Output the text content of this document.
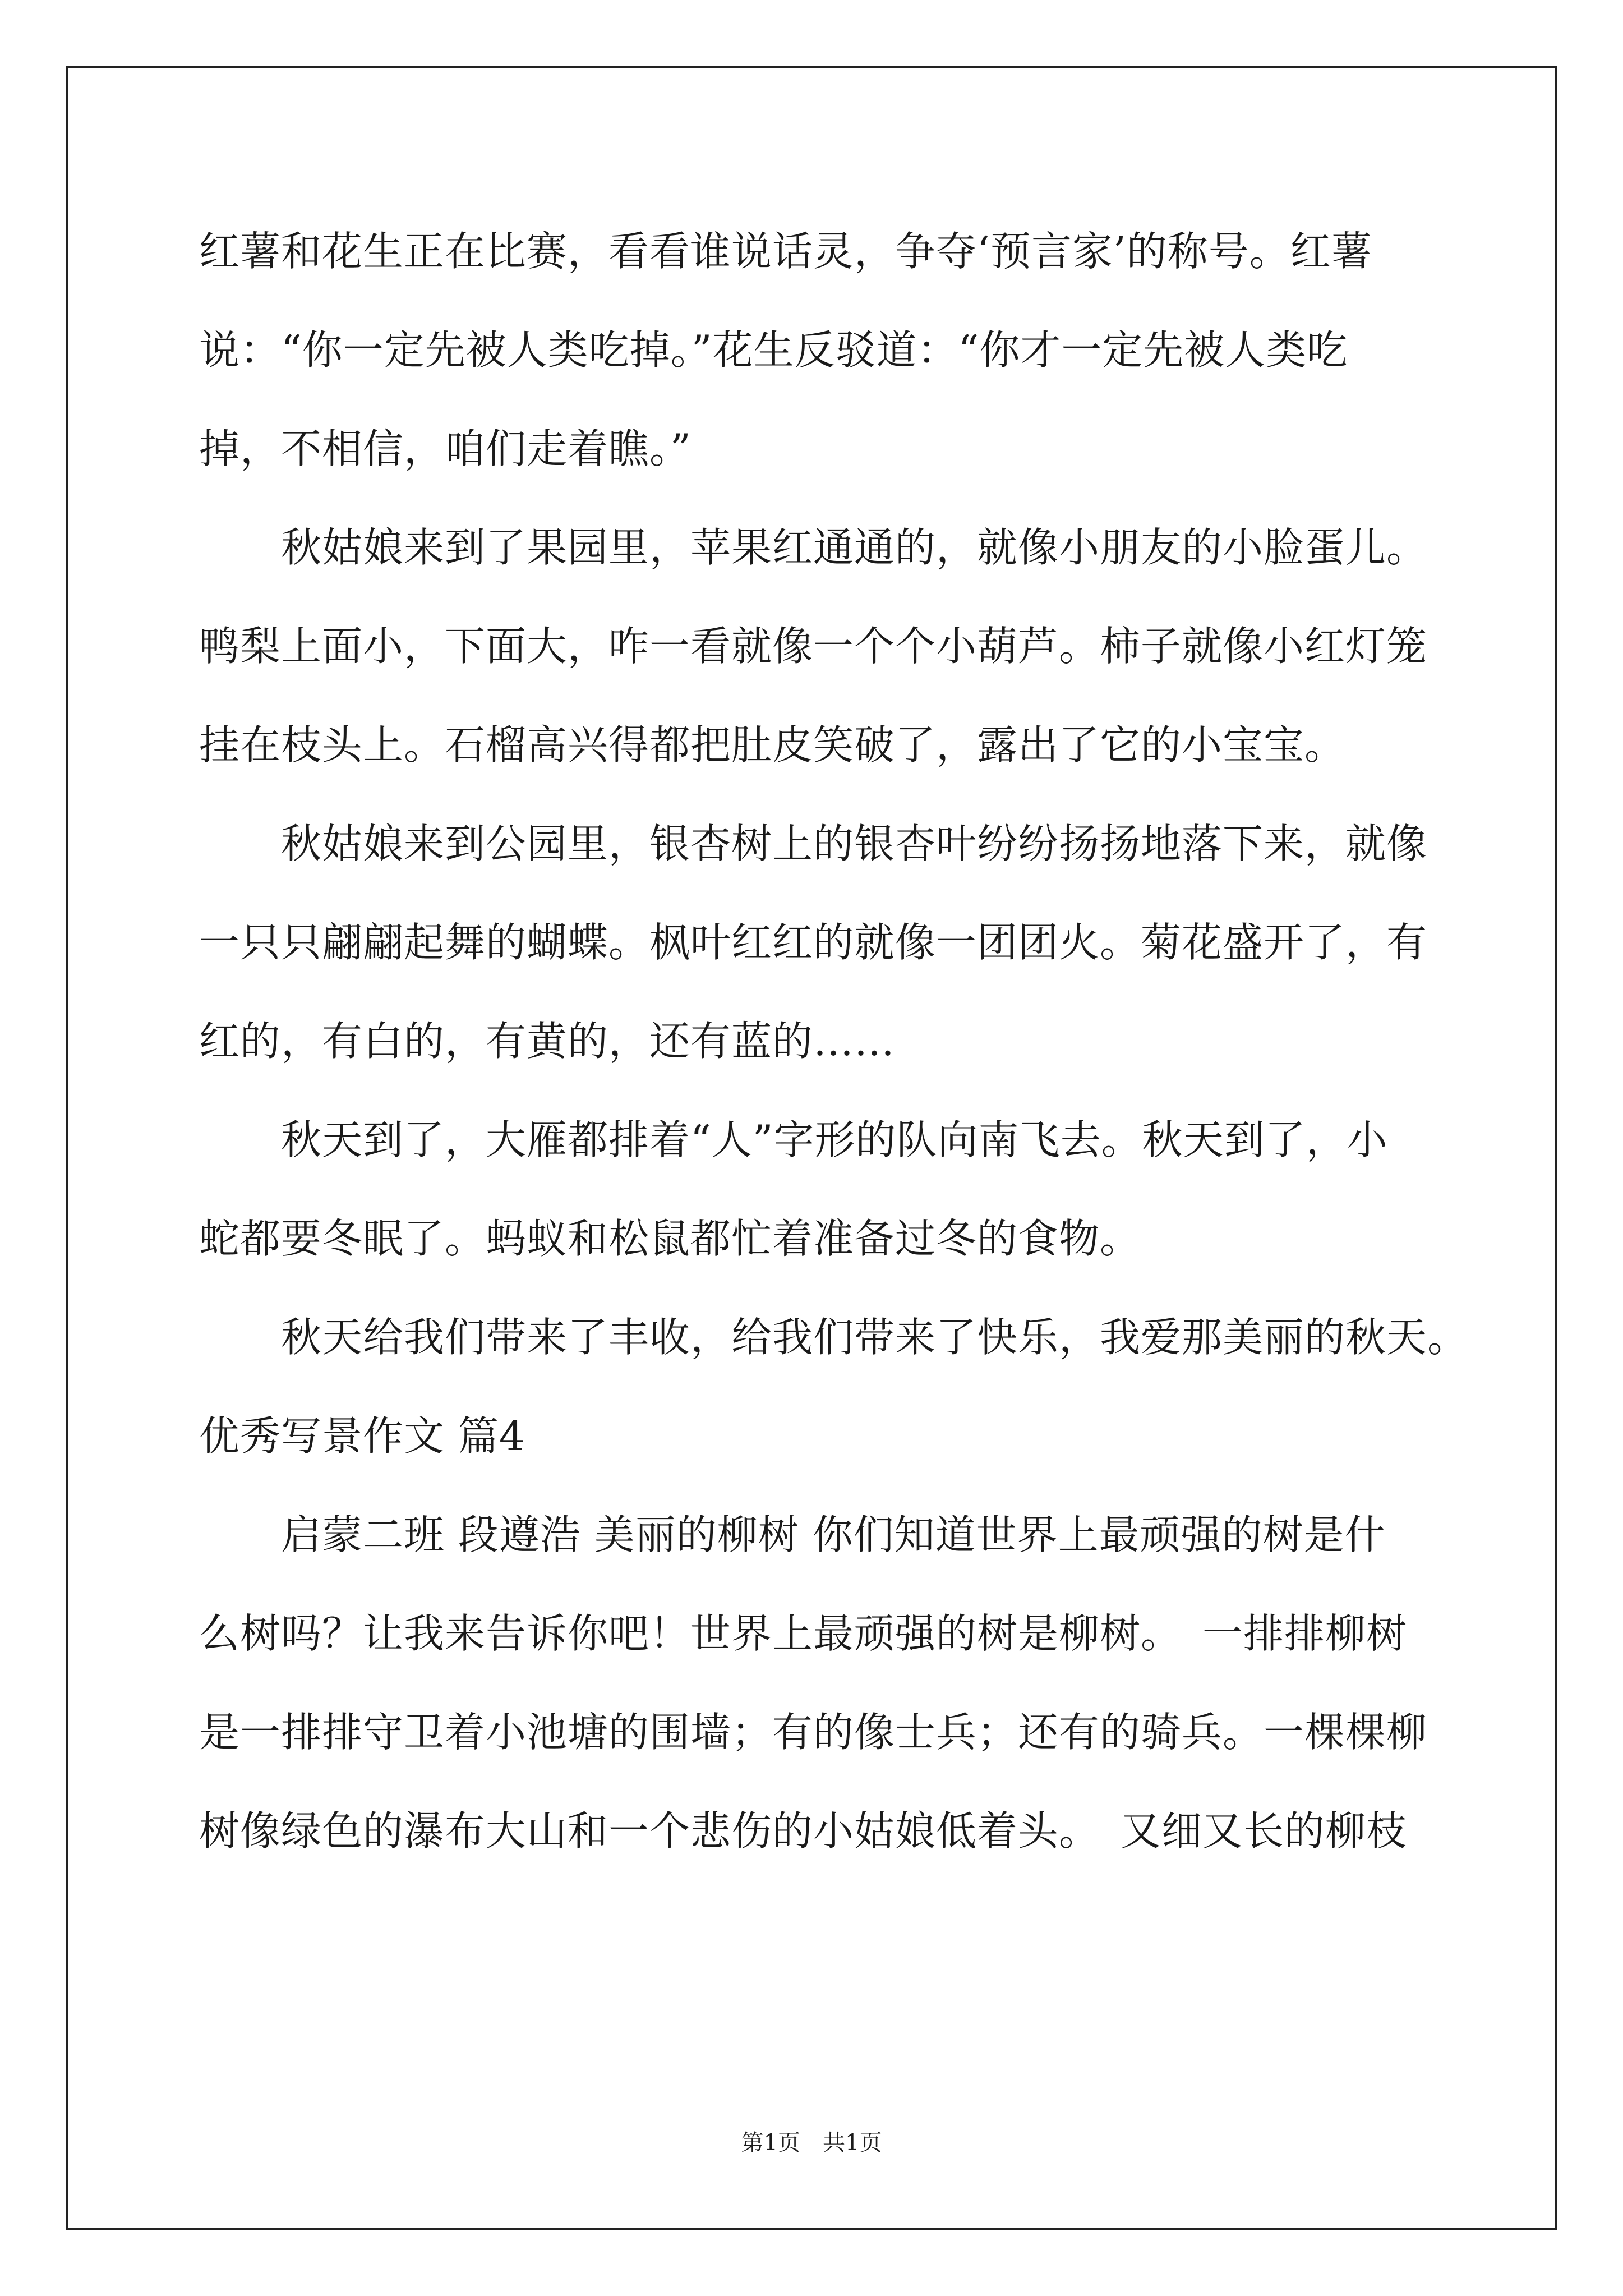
红薯和花生正在比赛，看看谁说话灵，争夺‘预言家’的称号。红薯
说：“你一定先被人类吃掉。”花生反驳道：“你才一定先被人类吃
掉，不相信，咱们走着瞧。”
　　秋姑娘来到了果园里，苹果红通通的，就像小朋友的小脸蛋儿。
鸭梨上面小，下面大，咋一看就像一个个小葫芦。柿子就像小红灯笼
挂在枝头上。石榴高兴得都把肚皮笑破了，露出了它的小宝宝。
　　秋姑娘来到公园里，银杏树上的银杏叶纷纷扬扬地落下来，就像
一只只翩翩起舞的蝴蝶。枫叶红红的就像一团团火。菊花盛开了，有
红的，有白的，有黄的，还有蓝的……
　　秋天到了，大雁都排着“人”字形的队向南飞去。秋天到了，小
蛇都要冬眠了。蚂蚁和松鼠都忙着准备过冬的食物。
　　秋天给我们带来了丰收，给我们带来了快乐，我爱那美丽的秋天。
优秀写景作文 篇4
　　启蒙二班 段遵浩 美丽的柳树 你们知道世界上最顽强的树是什
么树吗？让我来告诉你吧！世界上最顽强的树是柳树。　一排排柳树
是一排排守卫着小池塘的围墙；有的像士兵；还有的骑兵。一棵棵柳
树像绿色的瀑布大山和一个悲伤的小姑娘低着头。　又细又长的柳枝
第1页　共1页
